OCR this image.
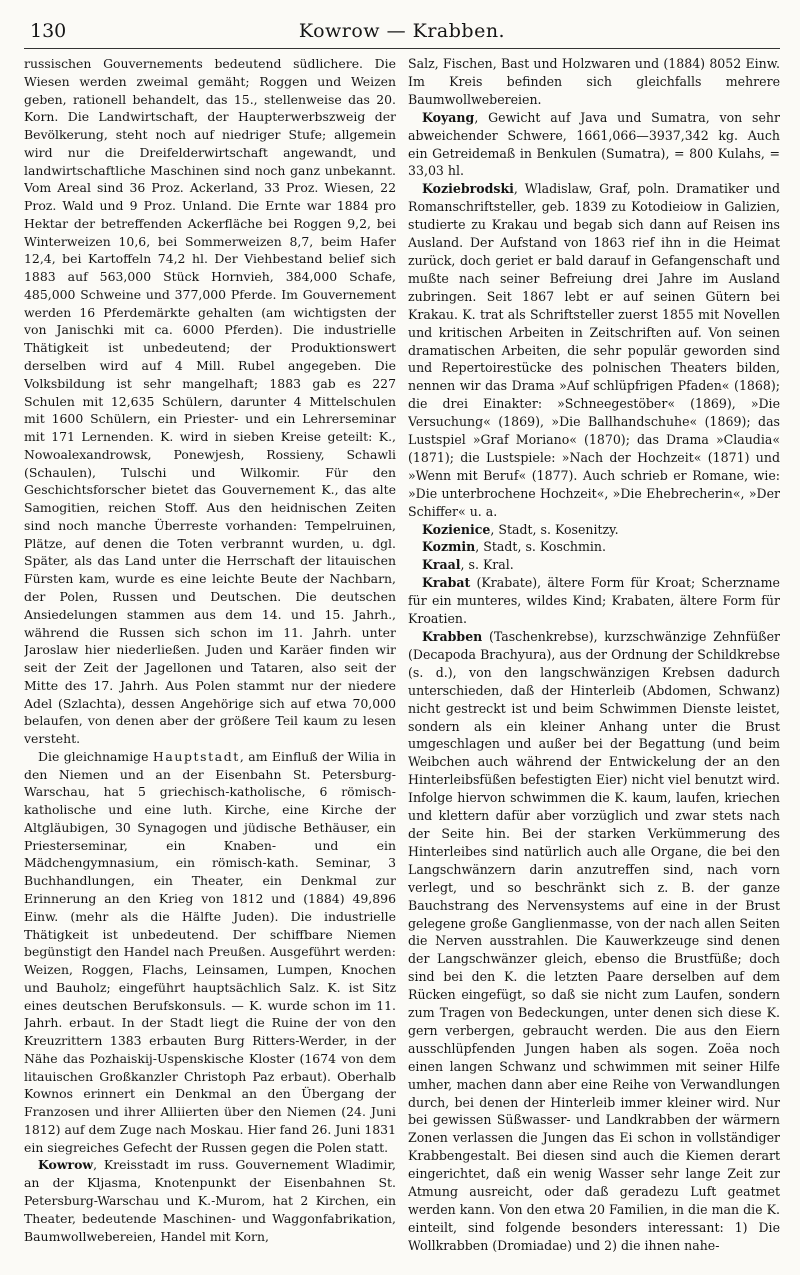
130	Kowrow — Krabben.

russischen Gouvernements bedeutend südlichere. Die Wiesen werden zweimal gemäht; Roggen und Weizen geben, rationell behandelt, das 15., stellenweise das 20. Korn. Die Landwirtschaft, der Haupterwerbszweig der Bevölkerung, steht noch auf niedriger Stufe; allgemein wird nur die Dreifelderwirtschaft angewandt, und landwirtschaftliche Maschinen sind noch ganz unbekannt. Vom Areal sind 36 Proz. Ackerland, 33 Proz. Wiesen, 22 Proz. Wald und 9 Proz. Unland. Die Ernte war 1884 pro Hektar der betreffenden Ackerfläche bei Roggen 9,2, bei Winterweizen 10,6, bei Sommerweizen 8,7, beim Hafer 12,4, bei Kartoffeln 74,2 hl. Der Viehbestand belief sich 1883 auf 563,000 Stück Hornvieh, 384,000 Schafe, 485,000 Schweine und 377,000 Pferde. Im Gouvernement werden 16 Pferdemärkte gehalten (am wichtigsten der von Janischki mit ca. 6000 Pferden). Die industrielle Thätigkeit ist unbedeutend; der Produktionswert derselben wird auf 4 Mill. Rubel angegeben. Die Volksbildung ist sehr mangelhaft; 1883 gab es 227 Schulen mit 12,635 Schülern, darunter 4 Mittelschulen mit 1600 Schülern, ein Priester- und ein Lehrerseminar mit 171 Lernenden. K. wird in sieben Kreise geteilt: K., Nowoalexandrowsk, Ponewjesh, Rossieny, Schawli (Schaulen), Tulschi und Wilkomir. Für den Geschichtsforscher bietet das Gouvernement K., das alte Samogitien, reichen Stoff. Aus den heidnischen Zeiten sind noch manche Überreste vorhanden: Tempelruinen, Plätze, auf denen die Toten verbrannt wurden, u. dgl. Später, als das Land unter die Herrschaft der litauischen Fürsten kam, wurde es eine leichte Beute der Nachbarn, der Polen, Russen und Deutschen. Die deutschen Ansiedelungen stammen aus dem 14. und 15. Jahrh., während die Russen sich schon im 11. Jahrh. unter Jaroslaw hier niederließen. Juden und Karäer finden wir seit der Zeit der Jagellonen und Tataren, also seit der Mitte des 17. Jahrh. Aus Polen stammt nur der niedere Adel (Szlachta), dessen Angehörige sich auf etwa 70,000 belaufen, von denen aber der größere Teil kaum zu lesen versteht.

Die gleichnamige Hauptstadt, am Einfluß der Wilia in den Niemen und an der Eisenbahn St. Petersburg-Warschau, hat 5 griechisch-katholische, 6 römisch-katholische und eine luth. Kirche, eine Kirche der Altgläubigen, 30 Synagogen und jüdische Bethäuser, ein Priesterseminar, ein Knaben- und ein Mädchengymnasium, ein römisch-kath. Seminar, 3 Buchhandlungen, ein Theater, ein Denkmal zur Erinnerung an den Krieg von 1812 und (1884) 49,896 Einw. (mehr als die Hälfte Juden). Die industrielle Thätigkeit ist unbedeutend. Der schiffbare Niemen begünstigt den Handel nach Preußen. Ausgeführt werden: Weizen, Roggen, Flachs, Leinsamen, Lumpen, Knochen und Bauholz; eingeführt hauptsächlich Salz. K. ist Sitz eines deutschen Berufskonsuls. — K. wurde schon im 11. Jahrh. erbaut. In der Stadt liegt die Ruine der von den Kreuzrittern 1383 erbauten Burg Ritters-Werder, in der Nähe das Pozhaiskij-Uspenskische Kloster (1674 von dem litauischen Großkanzler Christoph Paz erbaut). Oberhalb Kownos erinnert ein Denkmal an den Übergang der Franzosen und ihrer Alliierten über den Niemen (24. Juni 1812) auf dem Zuge nach Moskau. Hier fand 26. Juni 1831 ein siegreiches Gefecht der Russen gegen die Polen statt.

Kowrow, Kreisstadt im russ. Gouvernement Wladimir, an der Kljasma, Knotenpunkt der Eisenbahnen St. Petersburg-Warschau und K.-Murom, hat 2 Kirchen, ein Theater, bedeutende Maschinen- und Waggonfabrikation, Baumwollwebereien, Handel mit Korn,

Salz, Fischen, Bast und Holzwaren und (1884) 8052 Einw. Im Kreis befinden sich gleichfalls mehrere Baumwollwebereien.

Koyang, Gewicht auf Java und Sumatra, von sehr abweichender Schwere, 1661,066—3937,342 kg. Auch ein Getreidemaß in Benkulen (Sumatra), = 800 Kulahs, = 33,03 hl.

Koziebrodski, Wladislaw, Graf, poln. Dramatiker und Romanschriftsteller, geb. 1839 zu Kotodieiow in Galizien, studierte zu Krakau und begab sich dann auf Reisen ins Ausland. Der Aufstand von 1863 rief ihn in die Heimat zurück, doch geriet er bald darauf in Gefangenschaft und mußte nach seiner Befreiung drei Jahre im Ausland zubringen. Seit 1867 lebt er auf seinen Gütern bei Krakau. K. trat als Schriftsteller zuerst 1855 mit Novellen und kritischen Arbeiten in Zeitschriften auf. Von seinen dramatischen Arbeiten, die sehr populär geworden sind und Repertoirestücke des polnischen Theaters bilden, nennen wir das Drama »Auf schlüpfrigen Pfaden« (1868); die drei Einakter: »Schneegestöber« (1869), »Die Versuchung« (1869), »Die Ballhandschuhe« (1869); das Lustspiel »Graf Moriano« (1870); das Drama »Claudia« (1871); die Lustspiele: »Nach der Hochzeit« (1871) und »Wenn mit Beruf« (1877). Auch schrieb er Romane, wie: »Die unterbrochene Hochzeit«, »Die Ehebrecherin«, »Der Schiffer« u. a.

Kozienice, Stadt, s. Kosenitzy.

Kozmin, Stadt, s. Koschmin.

Kraal, s. Kral.

Krabat (Krabate), ältere Form für Kroat; Scherzname für ein munteres, wildes Kind; Krabaten, ältere Form für Kroatien.

Krabben (Taschenkrebse), kurzschwänzige Zehnfüßer (Decapoda Brachyura), aus der Ordnung der Schildkrebse (s. d.), von den langschwänzigen Krebsen dadurch unterschieden, daß der Hinterleib (Abdomen, Schwanz) nicht gestreckt ist und beim Schwimmen Dienste leistet, sondern als ein kleiner Anhang unter die Brust umgeschlagen und außer bei der Begattung (und beim Weibchen auch während der Entwickelung der an den Hinterleibsfüßen befestigten Eier) nicht viel benutzt wird. Infolge hiervon schwimmen die K. kaum, laufen, kriechen und klettern dafür aber vorzüglich und zwar stets nach der Seite hin. Bei der starken Verkümmerung des Hinterleibes sind natürlich auch alle Organe, die bei den Langschwänzern darin anzutreffen sind, nach vorn verlegt, und so beschränkt sich z. B. der ganze Bauchstrang des Nervensystems auf eine in der Brust gelegene große Ganglienmasse, von der nach allen Seiten die Nerven ausstrahlen. Die Kauwerkzeuge sind denen der Langschwänzer gleich, ebenso die Brustfüße; doch sind bei den K. die letzten Paare derselben auf dem Rücken eingefügt, so daß sie nicht zum Laufen, sondern zum Tragen von Bedeckungen, unter denen sich diese K. gern verbergen, gebraucht werden. Die aus den Eiern ausschlüpfenden Jungen haben als sogen. Zoëa noch einen langen Schwanz und schwimmen mit seiner Hilfe umher, machen dann aber eine Reihe von Verwandlungen durch, bei denen der Hinterleib immer kleiner wird. Nur bei gewissen Süßwasser- und Landkrabben der wärmern Zonen verlassen die Jungen das Ei schon in vollständiger Krabbengestalt. Bei diesen sind auch die Kiemen derart eingerichtet, daß ein wenig Wasser sehr lange Zeit zur Atmung ausreicht, oder daß geradezu Luft geatmet werden kann. Von den etwa 20 Familien, in die man die K. einteilt, sind folgende besonders interessant: 1) Die Wollkrabben (Dromiadae) und 2) die ihnen nahe-
